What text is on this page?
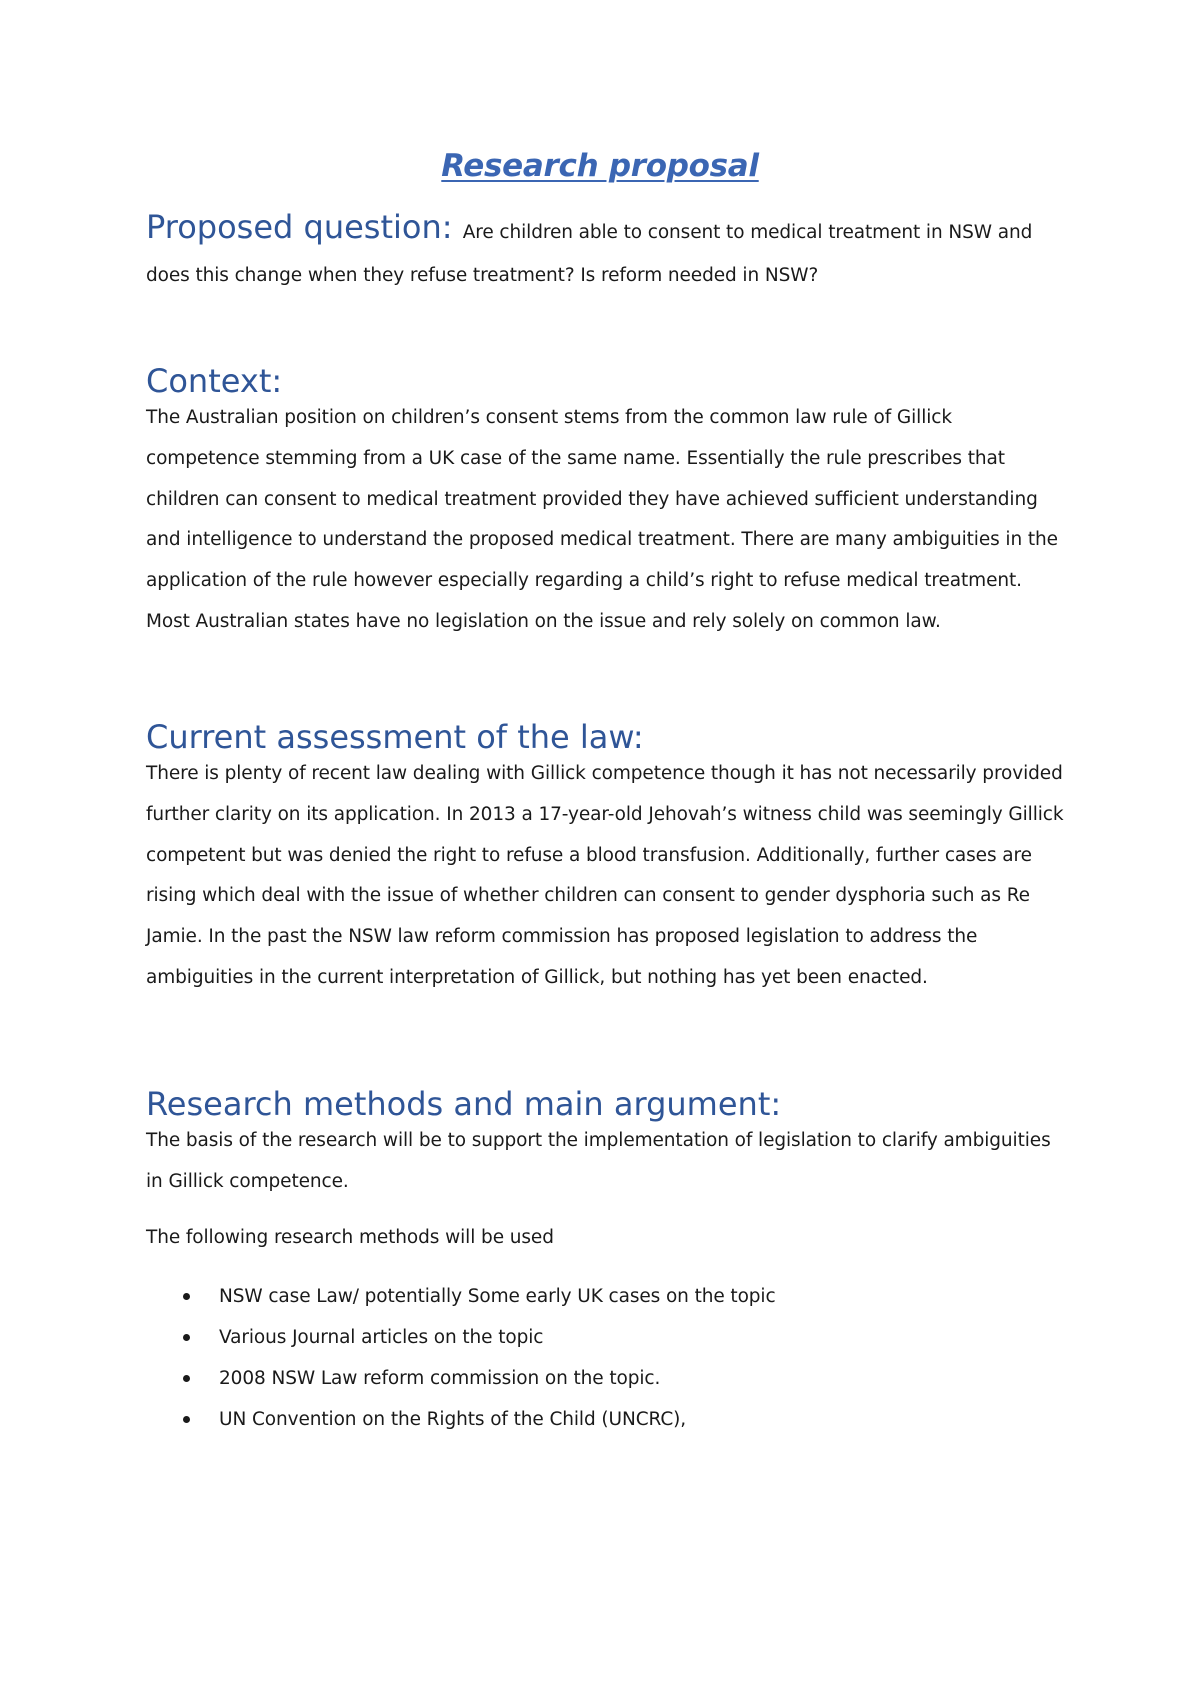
Research proposal
Proposed question: Are children able to consent to medical treatment in NSW and
does this change when they refuse treatment? Is reform needed in NSW?
Context:
The Australian position on children’s consent stems from the common law rule of Gillick competence stemming from a UK case of the same name. Essentially the rule prescribes that children can consent to medical treatment provided they have achieved sufficient understanding and intelligence to understand the proposed medical treatment. There are many ambiguities in the application of the rule however especially regarding a child’s right to refuse medical treatment. Most Australian states have no legislation on the issue and rely solely on common law.
Current assessment of the law:
There is plenty of recent law dealing with Gillick competence though it has not necessarily provided further clarity on its application. In 2013 a 17-year-old Jehovah’s witness child was seemingly Gillick competent but was denied the right to refuse a blood transfusion. Additionally, further cases are rising which deal with the issue of whether children can consent to gender dysphoria such as Re Jamie. In the past the NSW law reform commission has proposed legislation to address the ambiguities in the current interpretation of Gillick, but nothing has yet been enacted.
Research methods and main argument:
The basis of the research will be to support the implementation of legislation to clarify ambiguities in Gillick competence.
The following research methods will be used
NSW case Law/ potentially Some early UK cases on the topic
Various Journal articles on the topic
2008 NSW Law reform commission on the topic.
UN Convention on the Rights of the Child (UNCRC),
